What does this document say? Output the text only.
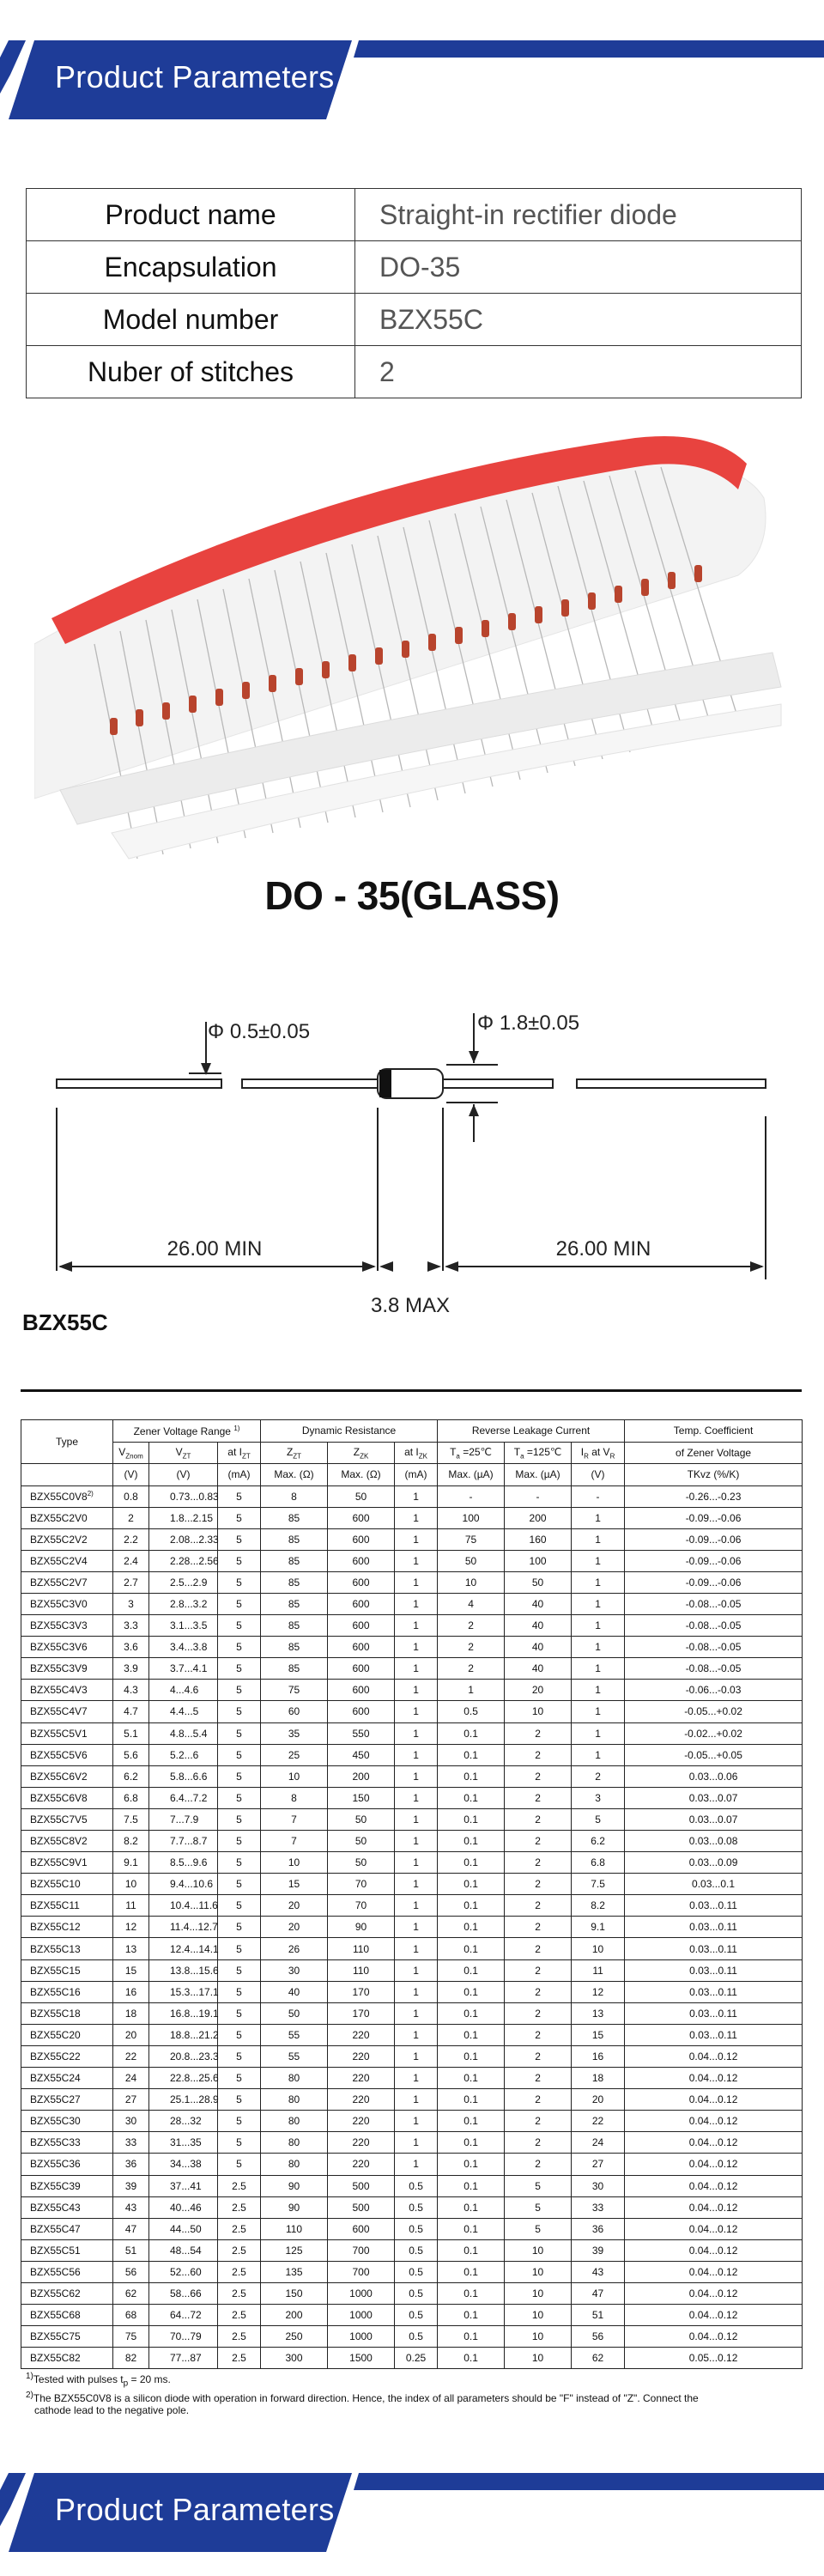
Product Parameters
Product name	Straight-in rectifier diode
Encapsulation	DO-35
Model number	BZX55C
Nuber of stitches	2
DO - 35(GLASS)
Φ 0.5±0.05	Φ 1.8±0.05
26.00 MIN	26.00 MIN
3.8 MAX
BZX55C
Type	Zener Voltage Range $^{1)}$			Dynamic Resistance			Reverse Leakage Current			Temp. Coefficient
	$V_{Znom}$	$V_{ZT}$	at $I_{ZT}$	$Z_{ZT}$	$Z_{ZK}$	at $I_{ZK}$	$T_a$ =25℃	$T_a$ =125℃	$I_R$ at $V_R$	of Zener Voltage
	(V)	(V)	(mA)	Max. (Ω)	Max. (Ω)	(mA)	Max. (µA)	Max. (µA)	(V)	TKvz (%/K)
BZX55C0V8$^{2)}$	0.8	0.73...0.83	5	8	50	1	-	-	-	-0.26...-0.23
BZX55C2V0	2	1.8...2.15	5	85	600	1	100	200	1	-0.09...-0.06
BZX55C2V2	2.2	2.08...2.33	5	85	600	1	75	160	1	-0.09...-0.06
BZX55C2V4	2.4	2.28...2.56	5	85	600	1	50	100	1	-0.09...-0.06
BZX55C2V7	2.7	2.5...2.9	5	85	600	1	10	50	1	-0.09...-0.06
BZX55C3V0	3	2.8...3.2	5	85	600	1	4	40	1	-0.08...-0.05
BZX55C3V3	3.3	3.1...3.5	5	85	600	1	2	40	1	-0.08...-0.05
BZX55C3V6	3.6	3.4...3.8	5	85	600	1	2	40	1	-0.08...-0.05
BZX55C3V9	3.9	3.7...4.1	5	85	600	1	2	40	1	-0.08...-0.05
BZX55C4V3	4.3	4...4.6	5	75	600	1	1	20	1	-0.06...-0.03
BZX55C4V7	4.7	4.4...5	5	60	600	1	0.5	10	1	-0.05...+0.02
BZX55C5V1	5.1	4.8...5.4	5	35	550	1	0.1	2	1	-0.02...+0.02
BZX55C5V6	5.6	5.2...6	5	25	450	1	0.1	2	1	-0.05...+0.05
BZX55C6V2	6.2	5.8...6.6	5	10	200	1	0.1	2	2	0.03...0.06
BZX55C6V8	6.8	6.4...7.2	5	8	150	1	0.1	2	3	0.03...0.07
BZX55C7V5	7.5	7...7.9	5	7	50	1	0.1	2	5	0.03...0.07
BZX55C8V2	8.2	7.7...8.7	5	7	50	1	0.1	2	6.2	0.03...0.08
BZX55C9V1	9.1	8.5...9.6	5	10	50	1	0.1	2	6.8	0.03...0.09
BZX55C10	10	9.4...10.6	5	15	70	1	0.1	2	7.5	0.03...0.1
BZX55C11	11	10.4...11.6	5	20	70	1	0.1	2	8.2	0.03...0.11
BZX55C12	12	11.4...12.7	5	20	90	1	0.1	2	9.1	0.03...0.11
BZX55C13	13	12.4...14.1	5	26	110	1	0.1	2	10	0.03...0.11
BZX55C15	15	13.8...15.6	5	30	110	1	0.1	2	11	0.03...0.11
BZX55C16	16	15.3...17.1	5	40	170	1	0.1	2	12	0.03...0.11
BZX55C18	18	16.8...19.1	5	50	170	1	0.1	2	13	0.03...0.11
BZX55C20	20	18.8...21.2	5	55	220	1	0.1	2	15	0.03...0.11
BZX55C22	22	20.8...23.3	5	55	220	1	0.1	2	16	0.04...0.12
BZX55C24	24	22.8...25.6	5	80	220	1	0.1	2	18	0.04...0.12
BZX55C27	27	25.1...28.9	5	80	220	1	0.1	2	20	0.04...0.12
BZX55C30	30	28...32	5	80	220	1	0.1	2	22	0.04...0.12
BZX55C33	33	31...35	5	80	220	1	0.1	2	24	0.04...0.12
BZX55C36	36	34...38	5	80	220	1	0.1	2	27	0.04...0.12
BZX55C39	39	37...41	2.5	90	500	0.5	0.1	5	30	0.04...0.12
BZX55C43	43	40...46	2.5	90	500	0.5	0.1	5	33	0.04...0.12
BZX55C47	47	44...50	2.5	110	600	0.5	0.1	5	36	0.04...0.12
BZX55C51	51	48...54	2.5	125	700	0.5	0.1	10	39	0.04...0.12
BZX55C56	56	52...60	2.5	135	700	0.5	0.1	10	43	0.04...0.12
BZX55C62	62	58...66	2.5	150	1000	0.5	0.1	10	47	0.04...0.12
BZX55C68	68	64...72	2.5	200	1000	0.5	0.1	10	51	0.04...0.12
BZX55C75	75	70...79	2.5	250	1000	0.5	0.1	10	56	0.04...0.12
BZX55C82	82	77...87	2.5	300	1500	0.25	0.1	10	62	0.05...0.12

$^{1)}$Tested with pulses $t_p = 20$ ms.

$^{2)}$The BZX55C0V8 is a silicon diode with operation in forward direction. Hence, the index of all parameters should be "F" instead of "Z". Connect the

cathode lead to the negative pole.

Product Parameters
